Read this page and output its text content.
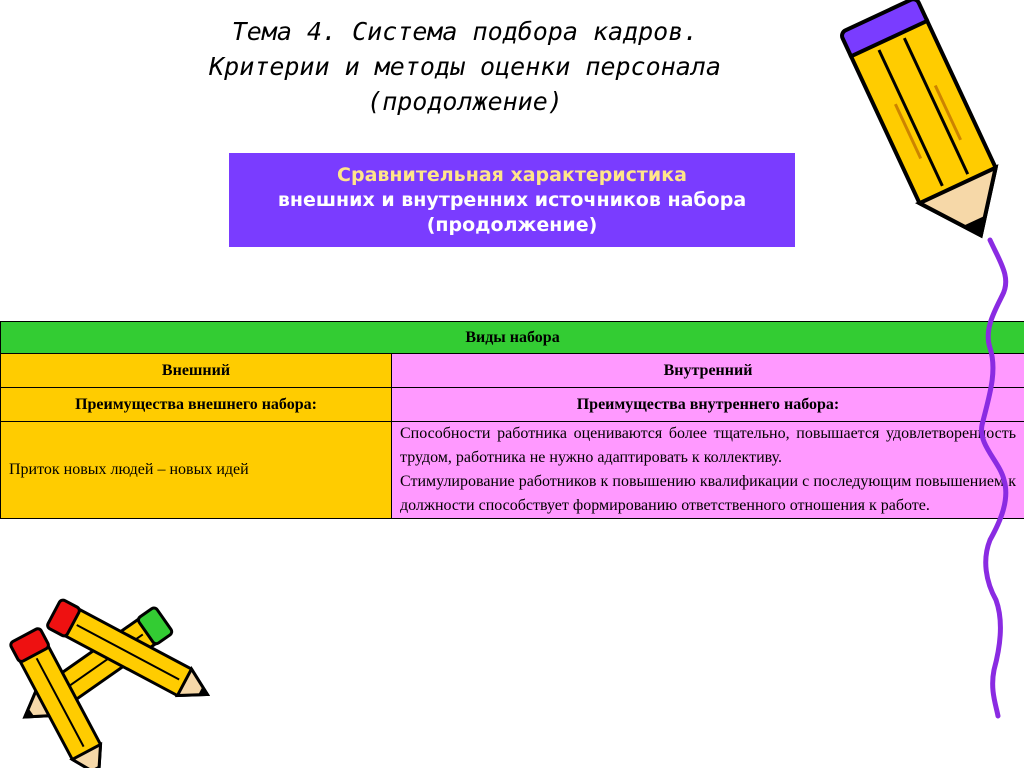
Тема 4. Система подбора кадров.
Критерии и методы оценки персонала
(продолжение)
Сравнительная характеристика
внешних и внутренних источников набора
(продолжение)
Виды набора	
Внешний	Внутренний
Преимущества внешнего набора:	Преимущества внутреннего набора:
Приток новых людей – новых идей	Способности работника оцениваются более тщательно, повышается удовлетворенность трудом, работника не нужно адаптировать к коллективу.

Стимулирование работников к повышению квалификации с последующим повышением к должности способствует формированию ответственного отношения к работе.
